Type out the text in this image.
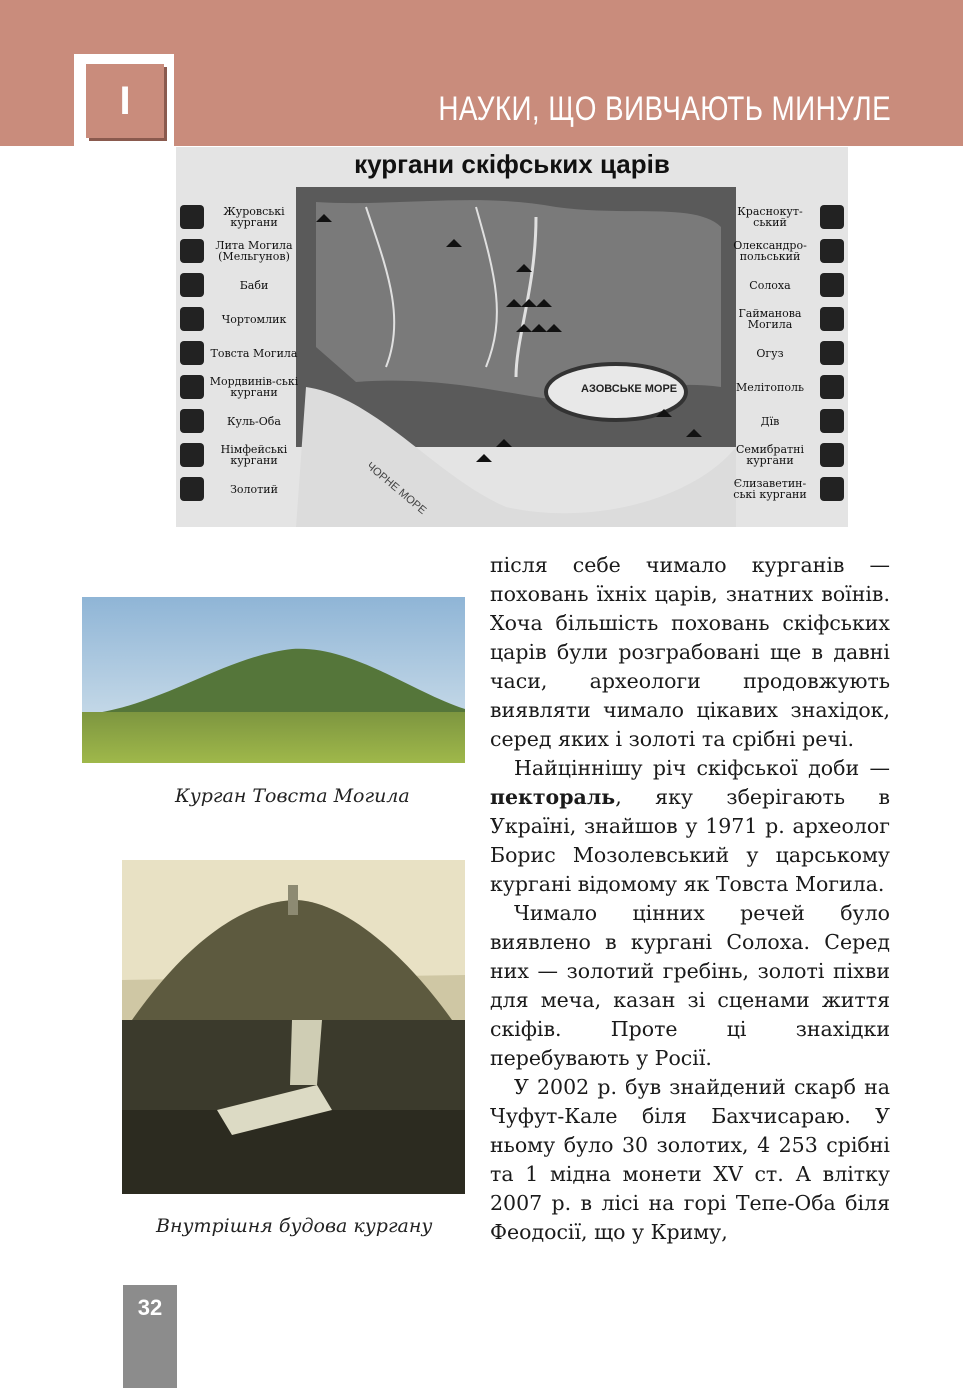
I	НАУКИ, ЩО ВИВЧАЮТЬ МИНУЛЕ
ЧОРНЕ МОРЕ
АЗОВСЬКЕ МОРЕ
кургани скіфських царів
Журовські кургани
Лита Могила (Мельгунов)
Баби
Чортомлик
Товста Могила
Мордвинів-ські кургани
Куль-Оба
Німфейські кургани
Золотий
Краснокут-ський
Олександро-польський
Солоха
Гайманова Могила
Огуз
Мелітополь
Дїв
Семибратні кургани
Єлизаветин-ські кургани
Курган Товста Могила
Внутрішня будова кургану

після себе чимало курганів — поховань їхніх царів, знатних воїнів. Хоча більшість поховань скіфських царів були розграбовані ще в давні часи, археологи продовжують виявляти чимало цікавих знахідок, серед яких і золоті та срібні речі.

Найціннішу річ скіфської доби — пектораль, яку зберігають в Україні, знайшов у 1971 р. археолог Борис Мозолевський у царському кургані відомому як Товста Могила.

Чимало цінних речей було виявлено в кургані Солоха. Серед них — золотий гребінь, золоті піхви для меча, казан зі сценами життя скіфів. Проте ці знахідки перебувають у Росії.

У 2002 р. був знайдений скарб на Чуфут-Кале біля Бахчисараю. У ньому було 30 золотих, 4 253 срібні та 1 мідна монети XV ст. А влітку 2007 р. в лісі на горі Тепе-Оба біля Феодосії, що у Криму,

32
